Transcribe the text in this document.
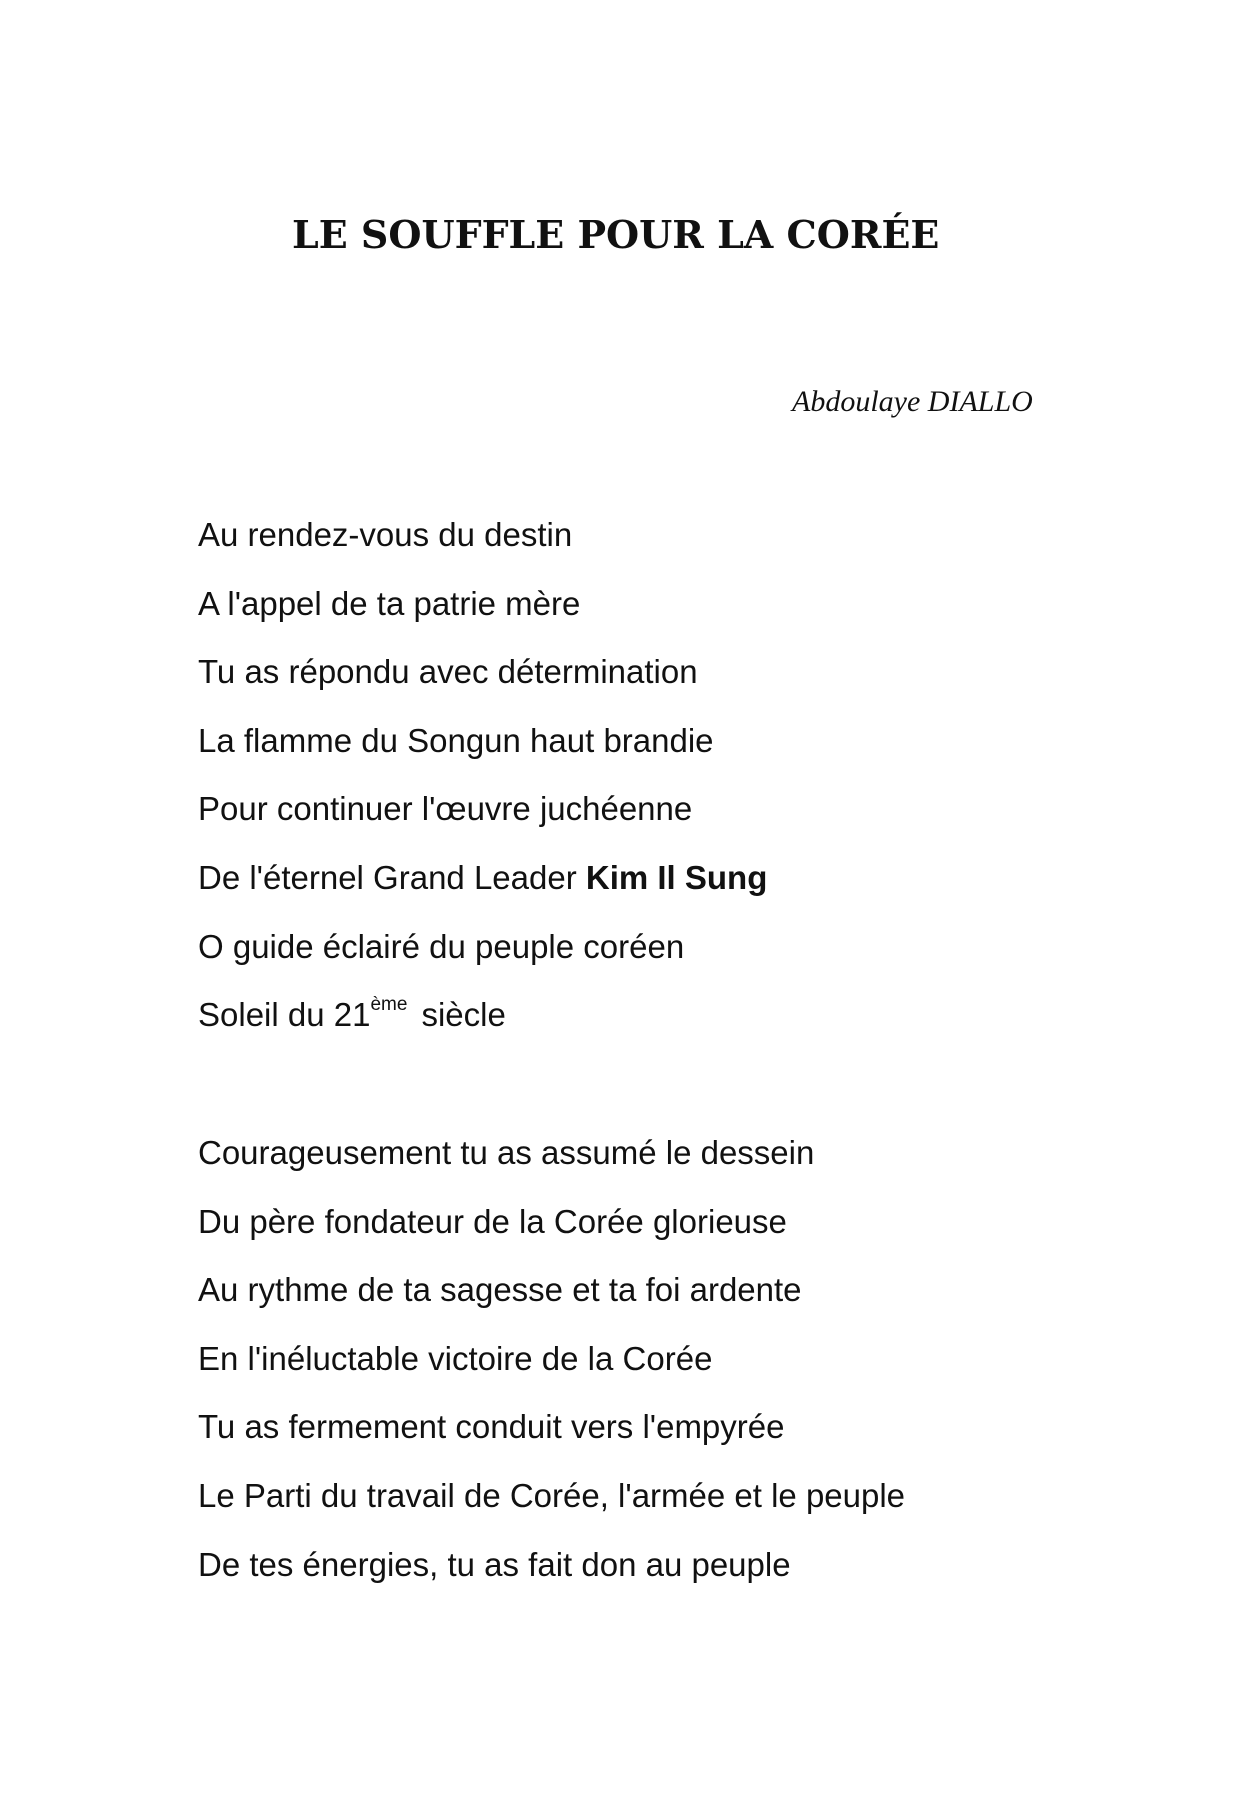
LE SOUFFLE POUR LA CORÉE

Abdoulaye DIALLO

Au rendez-vous du destin
A l'appel de ta patrie mère
Tu as répondu avec détermination
La flamme du Songun haut brandie
Pour continuer l'œuvre juchéenne
De l'éternel Grand Leader Kim Il Sung
O guide éclairé du peuple coréen
Soleil du 21ème siècle
Courageusement tu as assumé le dessein
Du père fondateur de la Corée glorieuse
Au rythme de ta sagesse et ta foi ardente
En l'inéluctable victoire de la Corée
Tu as fermement conduit vers l'empyrée
Le Parti du travail de Corée, l'armée et le peuple
De tes énergies, tu as fait don au peuple
